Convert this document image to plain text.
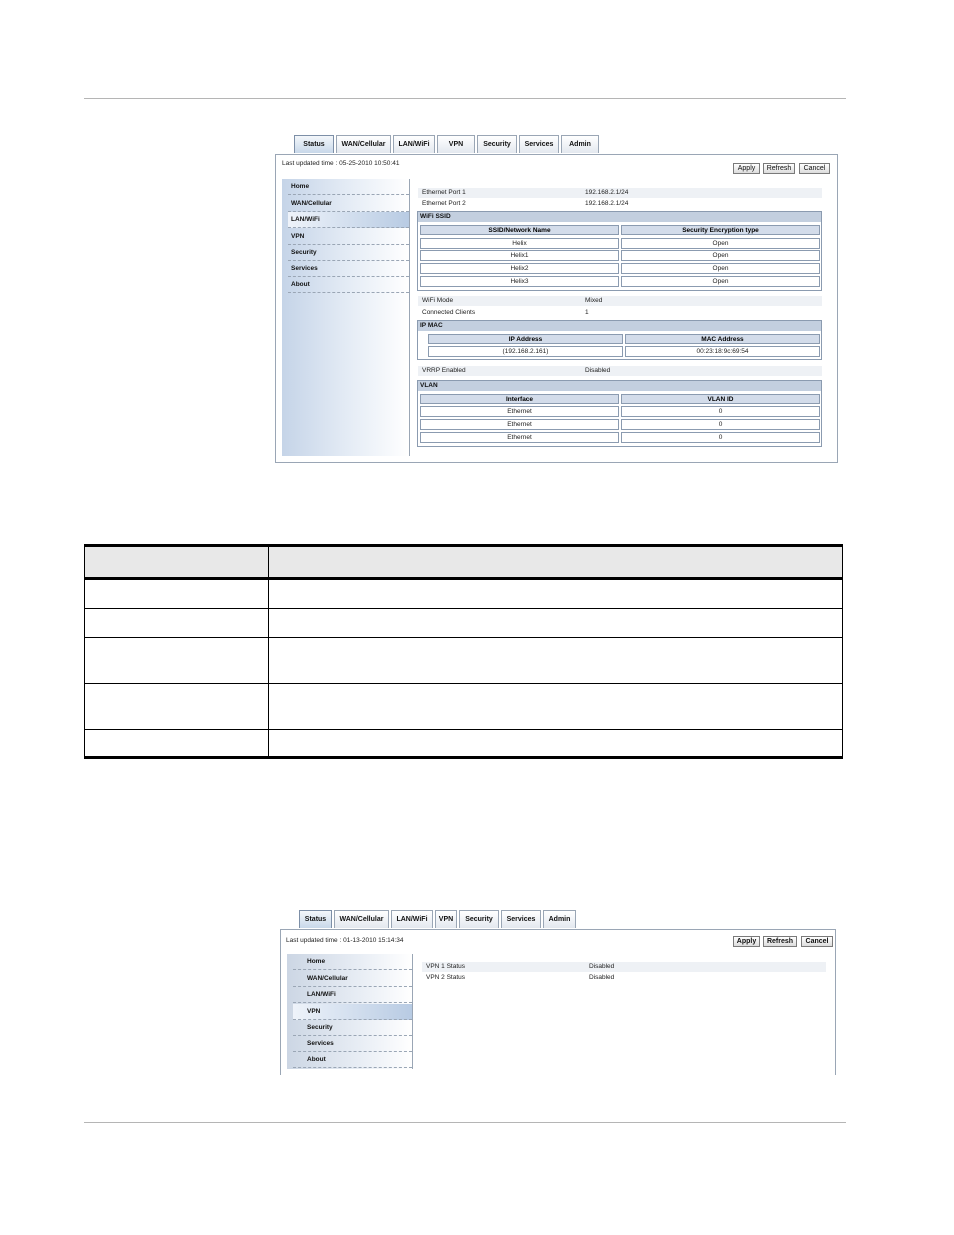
Status	WAN/Cellular	LAN/WiFi	VPN	Security	Services	Admin
Last updated time : 05-25-2010 10:50:41
Apply	Refresh	Cancel
Home
WAN/Cellular
LAN/WiFi
VPN
Security
Services
About
Ethernet Port 1	192.168.2.1/24
Ethernet Port 2	192.168.2.1/24
WiFi SSID
SSID/Network Name	Security Encryption type
Helix	Open
Helix1	Open
Helix2	Open
Helix3	Open
WiFi Mode	Mixed
Connected Clients	1
IP MAC
IP Address	MAC Address
(192.168.2.161)	00:23:18:9c:69:54
VRRP Enabled	Disabled
VLAN
Interface	VLAN ID
Ethernet	0
Ethernet	0
Ethernet	0

Status	WAN/Cellular	LAN/WiFi	VPN	Security	Services	Admin
Last updated time : 01-13-2010 15:14:34	Apply	Refresh	Cancel
Home
WAN/Cellular
LAN/WiFi
VPN
Security
Services
About
VPN 1 Status	Disabled
VPN 2 Status	Disabled
